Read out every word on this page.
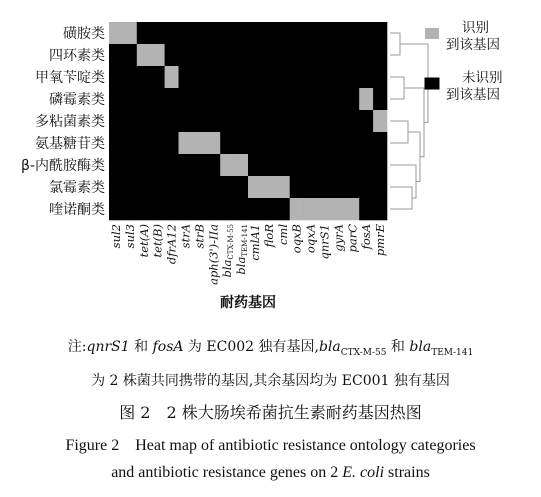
磺胺类
四环素类
甲氧苄啶类
磷霉素类
多粘菌素类
氨基糖苷类
β-内酰胺酶类
氯霉素类
喹诺酮类
sul2 sul3 tet(A) tet(B) dfrA12 strA strB aph(3')-IIa blaCTX-M-55
blaTEM-141
cmlA1 floR cml oqxB oqxA qnrS1 gyrA parC fosA pmrE
耐药基因
识别
到该基因
未识别
到该基因
注:qnrS1 和 fosA 为 EC002 独有基因,bla$_{CTX-M-55}$ 和 bla$_{TEM-141}$
为 2 株菌共同携带的基因,其余基因均为 EC001 独有基因
图 2　2 株大肠埃希菌抗生素耐药基因热图
Figure 2　Heat map of antibiotic resistance ontology categories
and antibiotic resistance genes on 2 E. coli strains
